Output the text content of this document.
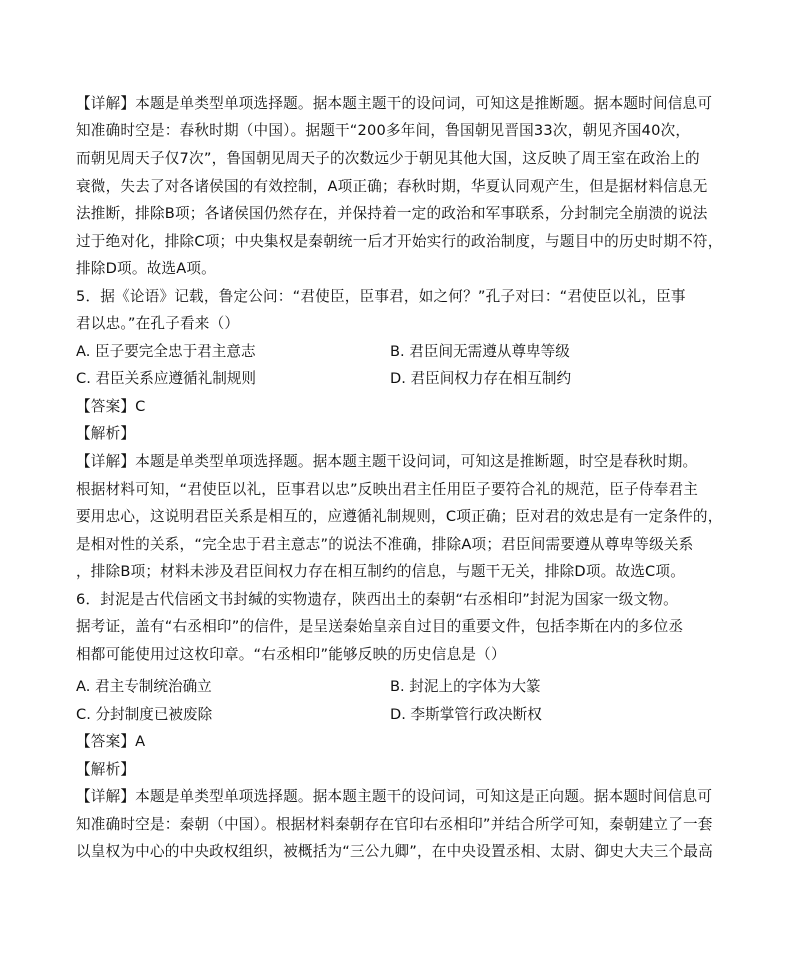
【详解】本题是单类型单项选择题。据本题主题干的设问词，可知这是推断题。据本题时间信息可
知准确时空是：春秋时期（中国）。据题干“200多年间，鲁国朝见晋国33次，朝见齐国40次，
而朝见周天子仅7次”，鲁国朝见周天子的次数远少于朝见其他大国，这反映了周王室在政治上的
衰微，失去了对各诸侯国的有效控制，A项正确；春秋时期，华夏认同观产生，但是据材料信息无
法推断，排除B项；各诸侯国仍然存在，并保持着一定的政治和军事联系，分封制完全崩溃的说法
过于绝对化，排除C项；中央集权是秦朝统一后才开始实行的政治制度，与题目中的历史时期不符，
排除D项。故选A项。
5．据《论语》记载，鲁定公问：“君使臣，臣事君，如之何？”孔子对曰：“君使臣以礼，臣事
君以忠。”在孔子看来（）
A. 臣子要完全忠于君主意志	B. 君臣间无需遵从尊卑等级
C. 君臣关系应遵循礼制规则	D. 君臣间权力存在相互制约
【答案】C
【解析】
【详解】本题是单类型单项选择题。据本题主题干设问词，可知这是推断题，时空是春秋时期。
根据材料可知，“君使臣以礼，臣事君以忠”反映出君主任用臣子要符合礼的规范，臣子侍奉君主
要用忠心，这说明君臣关系是相互的，应遵循礼制规则，C项正确；臣对君的效忠是有一定条件的，
是相对性的关系，“完全忠于君主意志”的说法不准确，排除A项；君臣间需要遵从尊卑等级关系
，排除B项；材料未涉及君臣间权力存在相互制约的信息，与题干无关，排除D项。故选C项。
6．封泥是古代信函文书封缄的实物遗存，陕西出土的秦朝“右丞相印”封泥为国家一级文物。
据考证，盖有“右丞相印”的信件，是呈送秦始皇亲自过目的重要文件，包括李斯在内的多位丞
相都可能使用过这枚印章。“右丞相印”能够反映的历史信息是（）
A. 君主专制统治确立	B. 封泥上的字体为大篆
C. 分封制度已被废除	D. 李斯掌管行政决断权
【答案】A
【解析】
【详解】本题是单类型单项选择题。据本题主题干的设问词，可知这是正向题。据本题时间信息可
知准确时空是：秦朝（中国）。根据材料秦朝存在官印右丞相印”并结合所学可知，秦朝建立了一套
以皇权为中心的中央政权组织，被概括为“三公九卿”，在中央设置丞相、太尉、御史大夫三个最高
